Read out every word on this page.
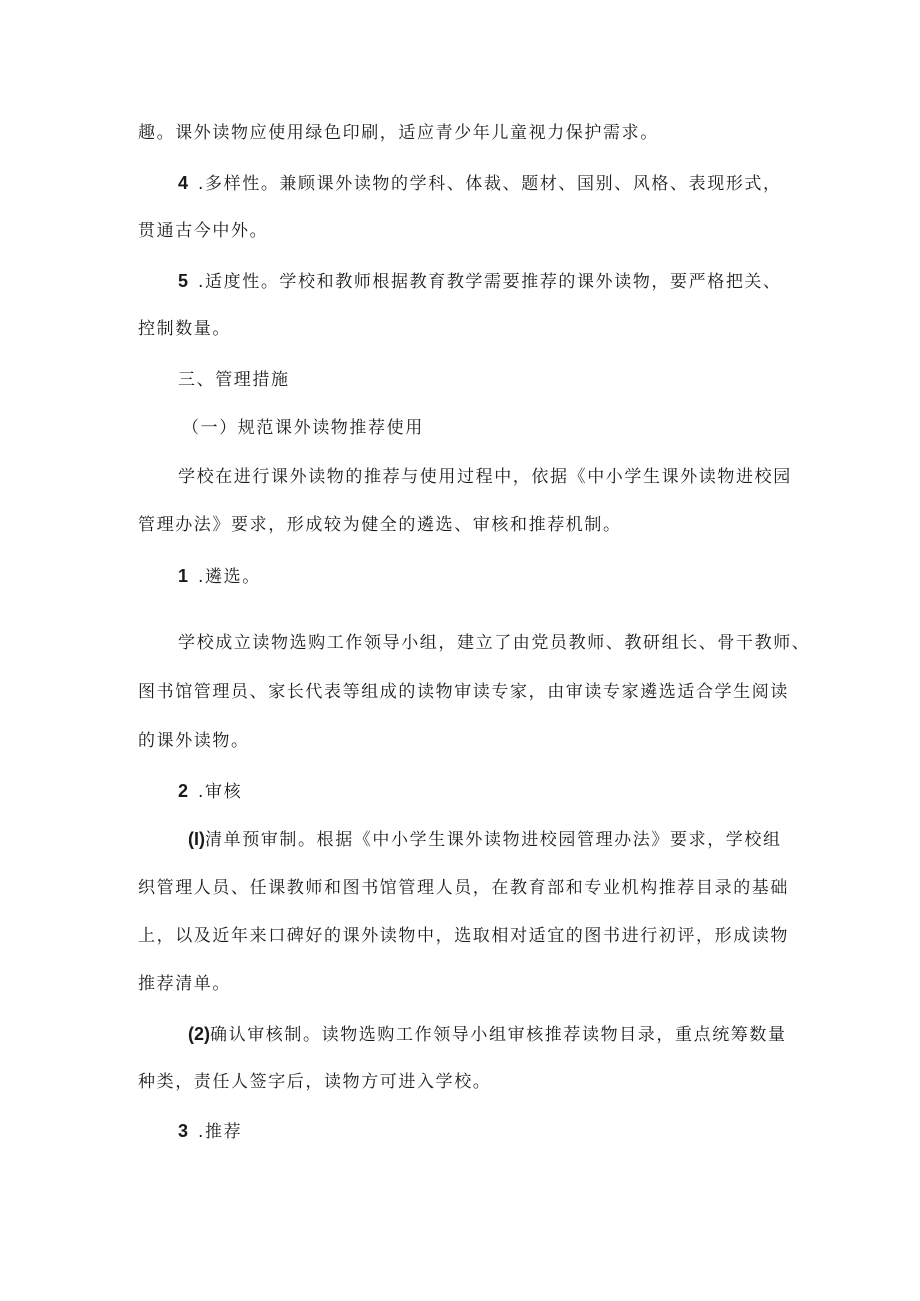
趣。课外读物应使用绿色印刷，适应青少年儿童视力保护需求。
4 .多样性。兼顾课外读物的学科、体裁、题材、国别、风格、表现形式，
贯通古今中外。
5 .适度性。学校和教师根据教育教学需要推荐的课外读物，要严格把关、
控制数量。
三、管理措施
（一）规范课外读物推荐使用
学校在进行课外读物的推荐与使用过程中，依据《中小学生课外读物进校园
管理办法》要求，形成较为健全的遴选、审核和推荐机制。
1 .遴选。
学校成立读物选购工作领导小组，建立了由党员教师、教研组长、骨干教师、
图书馆管理员、家长代表等组成的读物审读专家，由审读专家遴选适合学生阅读
的课外读物。
2 .审核
(I)清单预审制。根据《中小学生课外读物进校园管理办法》要求，学校组
织管理人员、任课教师和图书馆管理人员，在教育部和专业机构推荐目录的基础
上，以及近年来口碑好的课外读物中，选取相对适宜的图书进行初评，形成读物
推荐清单。
(2)确认审核制。读物选购工作领导小组审核推荐读物目录，重点统筹数量
种类，责任人签字后，读物方可进入学校。
3 .推荐
